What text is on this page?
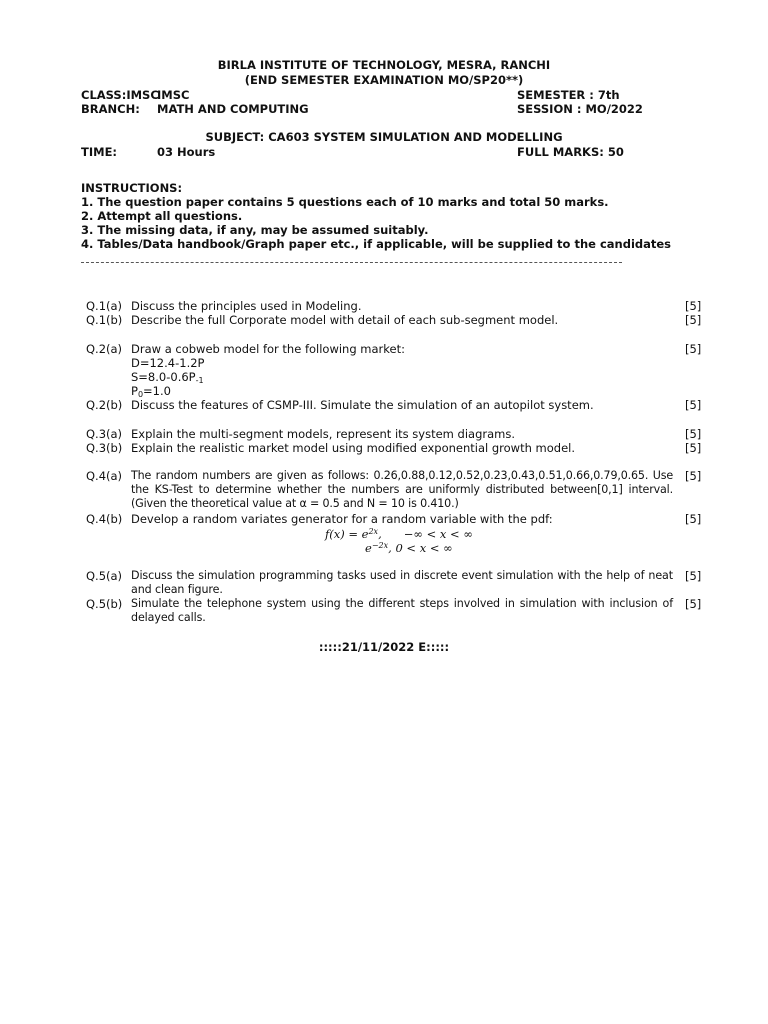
BIRLA INSTITUTE OF TECHNOLOGY, MESRA, RANCHI
(END SEMESTER EXAMINATION MO/SP20**)
CLASS:IMSC
IMSC	SEMESTER : 7th
BRANCH: MATH AND COMPUTING	SESSION : MO/2022
SUBJECT: CA603 SYSTEM SIMULATION AND MODELLING
TIME:	03 Hours	FULL MARKS: 50
INSTRUCTIONS:
1. The question paper contains 5 questions each of 10 marks and total 50 marks.
2. Attempt all questions.
3. The missing data, if any, may be assumed suitably.
4. Tables/Data handbook/Graph paper etc., if applicable, will be supplied to the candidates
Q.1(a) Discuss the principles used in Modeling.	[5]
Q.1(b) Describe the full Corporate model with detail of each sub-segment model.	[5]
Q.2(a) Draw a cobweb model for the following market:	[5]
D=12.4-1.2P
$S=8.0-0.6P_{-1}$
$P_0=1.0$
Q.2(b) Discuss the features of CSMP-III. Simulate the simulation of an autopilot system.	[5]
Q.3(a) Explain the multi-segment models, represent its system diagrams.	[5]
Q.3(b) Explain the realistic market model using modified exponential growth model.	[5]
Q.4(a) The random numbers are given as follows: 0.26,0.88,0.12,0.52,0.23,0.43,0.51,0.66,0.79,0.65. Use the KS-Test to determine whether the numbers are uniformly distributed between[0,1] interval.(Given the theoretical value at α = 0.5 and N = 10 is 0.410.)
[5]
Q.4(b) Develop a random variates generator for a random variable with the pdf:	[5]
$f(x) = e^{2x}$, −∞ < x < ∞
$e^{-2x}$, 0 < x < ∞
Q.5(a) Discuss the simulation programming tasks used in discrete event simulation with the help of neat and clean figure.
[5]
Q.5(b) Simulate the telephone system using the different steps involved in simulation with inclusion of delayed calls.
[5]
:::::21/11/2022 E:::::
